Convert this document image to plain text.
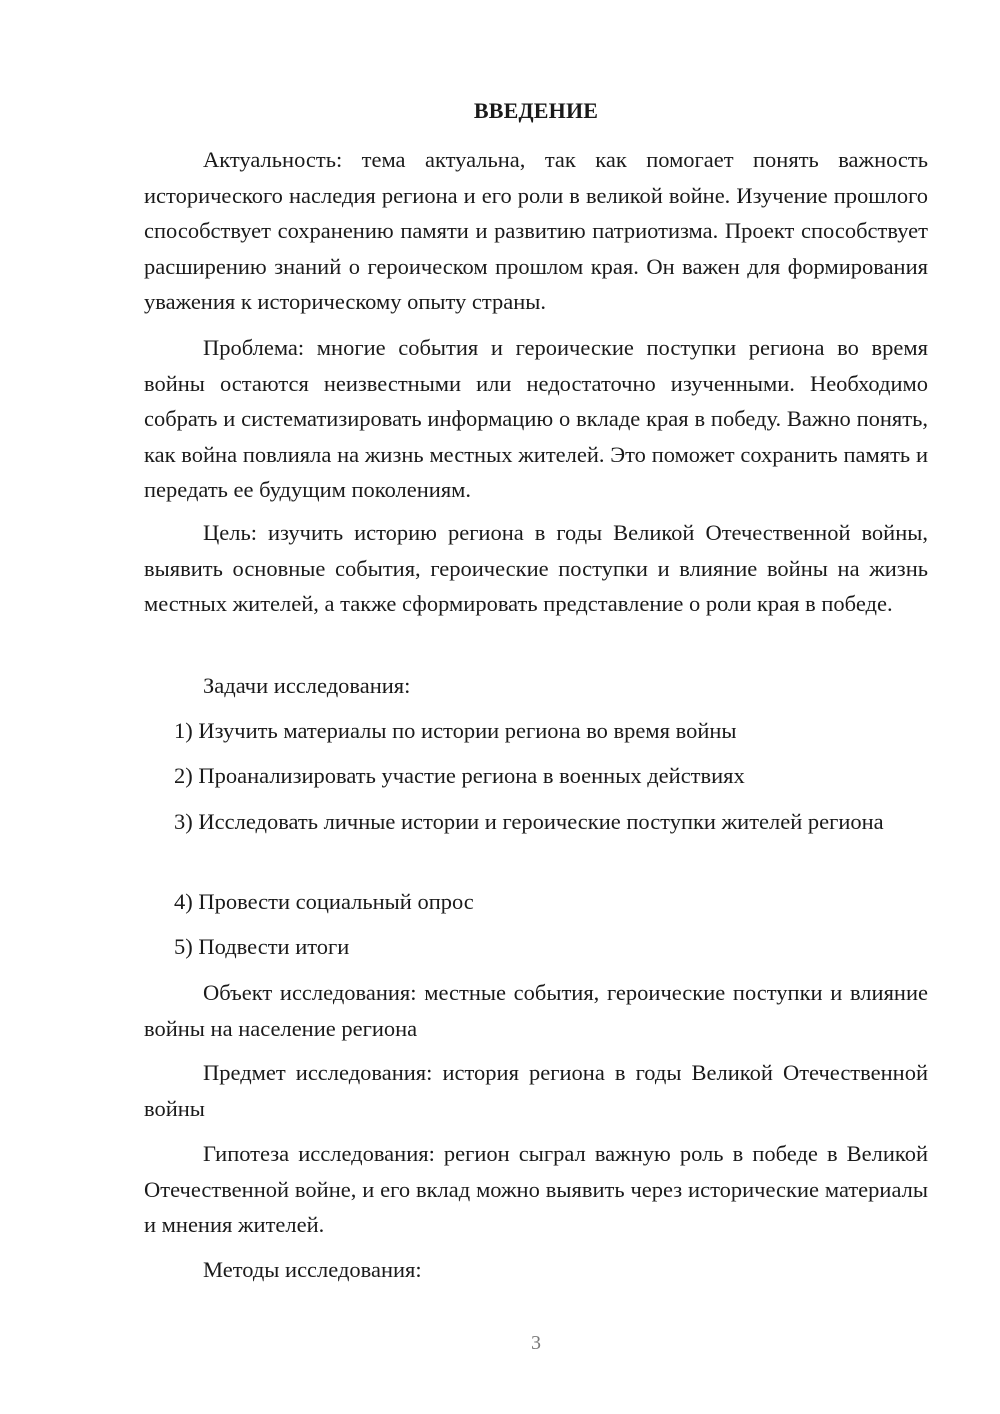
ВВЕДЕНИЕ

Актуальность: тема актуальна, так как помогает понять важность исторического наследия региона и его роли в великой войне. Изучение прошлого способствует сохранению памяти и развитию патриотизма. Проект способствует расширению знаний о героическом прошлом края. Он важен для формирования уважения к историческому опыту страны.

Проблема: многие события и героические поступки региона во время войны остаются неизвестными или недостаточно изученными. Необходимо собрать и систематизировать информацию о вкладе края в победу. Важно понять, как война повлияла на жизнь местных жителей. Это поможет сохранить память и передать ее будущим поколениям.

Цель: изучить историю региона в годы Великой Отечественной войны, выявить основные события, героические поступки и влияние войны на жизнь местных жителей, а также сформировать представление о роли края в победе.

Задачи исследования:

1) Изучить материалы по истории региона во время войны

2) Проанализировать участие региона в военных действиях

3) Исследовать личные истории и героические поступки жителей региона

4) Провести социальный опрос

5) Подвести итоги

Объект исследования: местные события, героические поступки и влияние войны на население региона

Предмет исследования: история региона в годы Великой Отечественной войны

Гипотеза исследования: регион сыграл важную роль в победе в Великой Отечественной войне, и его вклад можно выявить через исторические материалы и мнения жителей.

Методы исследования:

3
